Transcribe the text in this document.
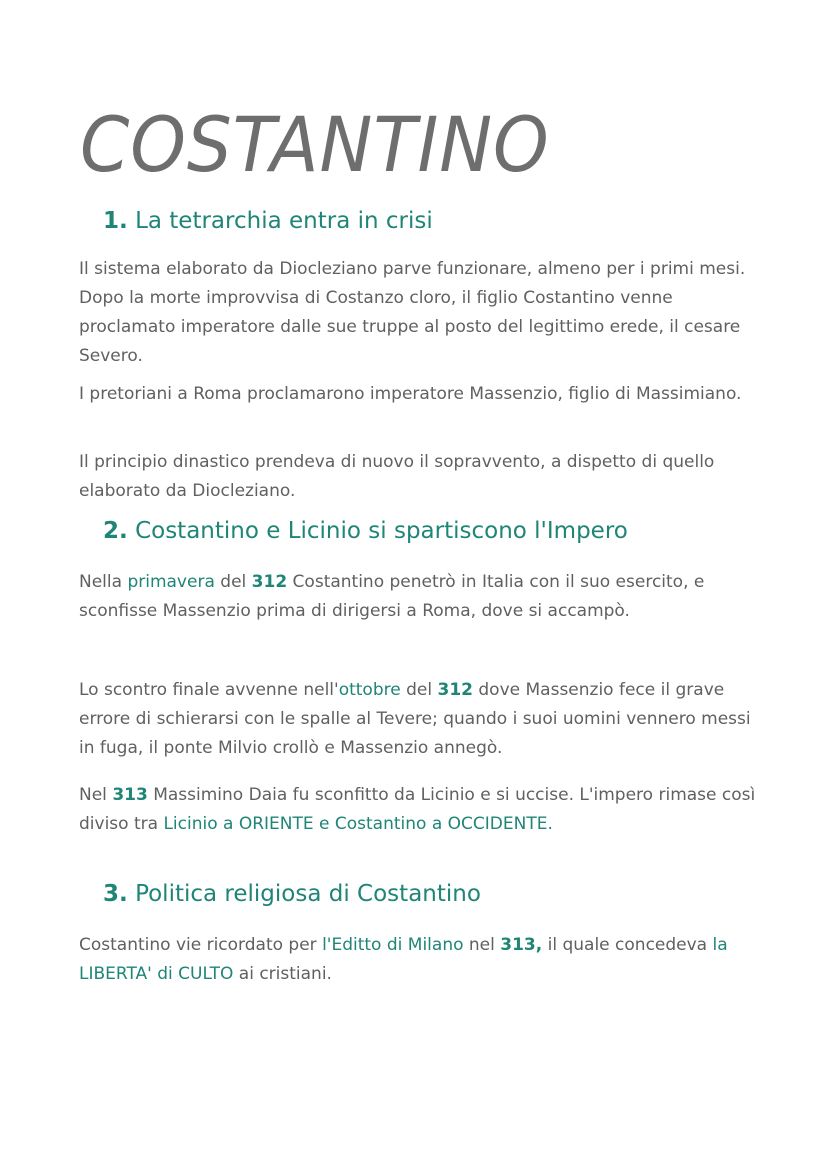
COSTANTINO
1. La tetrarchia entra in crisi

Il sistema elaborato da Diocleziano parve funzionare, almeno per i primi mesi. Dopo la morte improvvisa di Costanzo cloro, il figlio Costantino venne proclamato imperatore dalle sue truppe al posto del legittimo erede, il cesare Severo.

I pretoriani a Roma proclamarono imperatore Massenzio, figlio di Massimiano.

Il principio dinastico prendeva di nuovo il sopravvento, a dispetto di quello elaborato da Diocleziano.

2. Costantino e Licinio si spartiscono l'Impero

Nella primavera del 312 Costantino penetrò in Italia con il suo esercito, e sconfisse Massenzio prima di dirigersi a Roma, dove si accampò.

Lo scontro finale avvenne nell'ottobre del 312 dove Massenzio fece il grave errore di schierarsi con le spalle al Tevere; quando i suoi uomini vennero messi in fuga, il ponte Milvio crollò e Massenzio annegò.

Nel 313 Massimino Daia fu sconfitto da Licinio e si uccise. L'impero rimase così diviso tra Licinio a ORIENTE e Costantino a OCCIDENTE.

3. Politica religiosa di Costantino

Costantino vie ricordato per l'Editto di Milano nel 313, il quale concedeva la LIBERTA' di CULTO ai cristiani.
